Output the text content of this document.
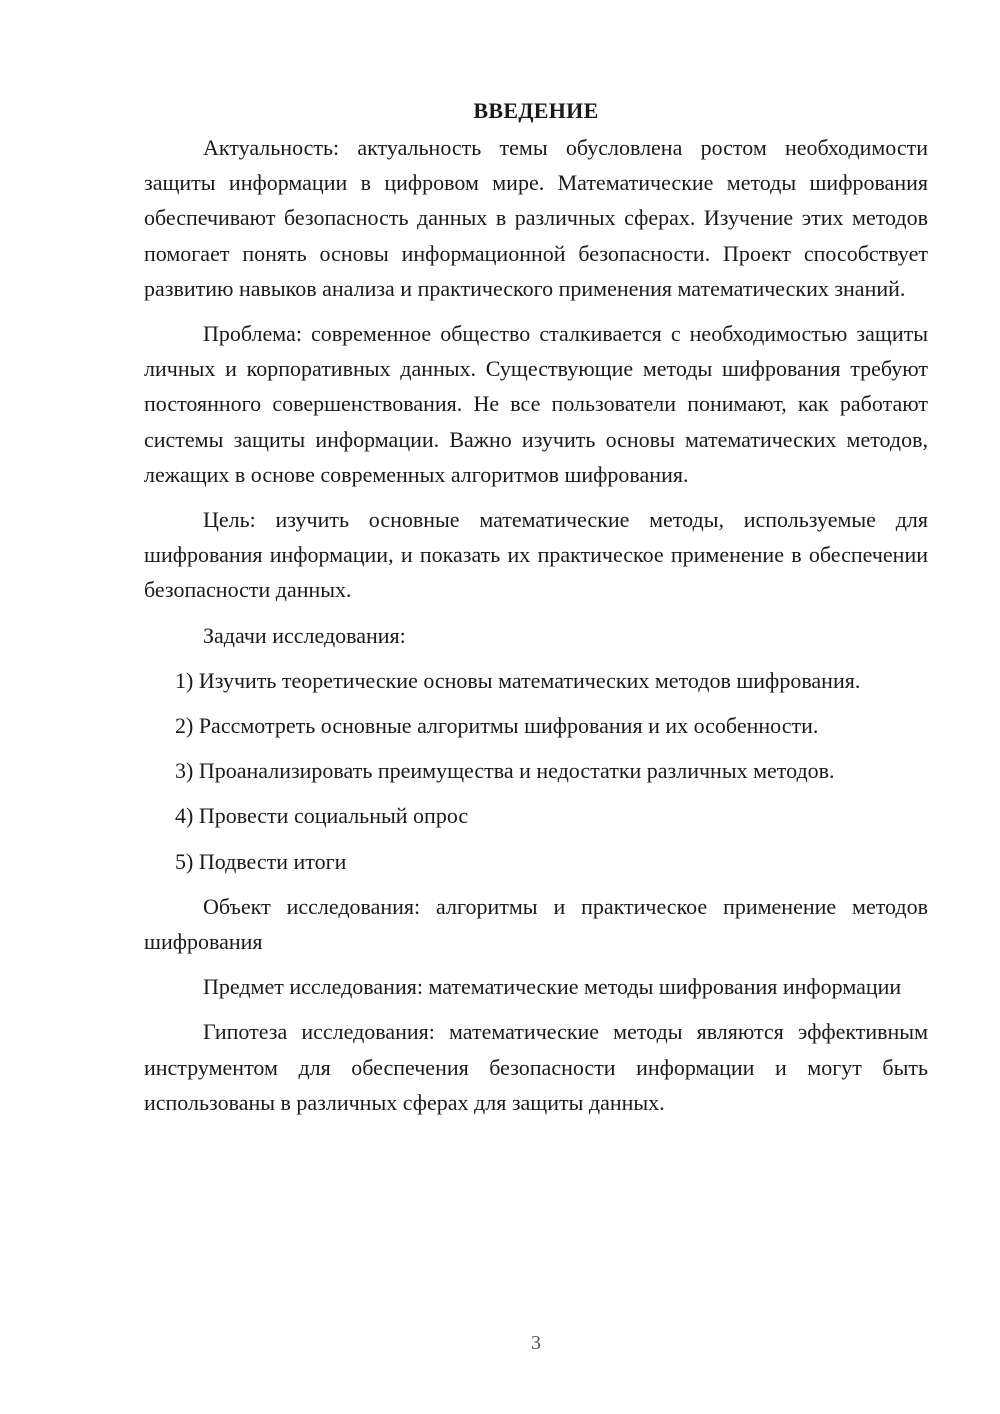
ВВЕДЕНИЕ

Актуальность: актуальность темы обусловлена ростом необходимости защиты информации в цифровом мире. Математические методы шифрования обеспечивают безопасность данных в различных сферах. Изучение этих методов помогает понять основы информационной безопасности. Проект способствует развитию навыков анализа и практического применения математических знаний.

Проблема: современное общество сталкивается с необходимостью защиты личных и корпоративных данных. Существующие методы шифрования требуют постоянного совершенствования. Не все пользователи понимают, как работают системы защиты информации. Важно изучить основы математических методов, лежащих в основе современных алгоритмов шифрования.

Цель: изучить основные математические методы, используемые для шифрования информации, и показать их практическое применение в обеспечении безопасности данных.

Задачи исследования:

1) Изучить теоретические основы математических методов шифрования.

2) Рассмотреть основные алгоритмы шифрования и их особенности.

3) Проанализировать преимущества и недостатки различных методов.

4) Провести социальный опрос

5) Подвести итоги

Объект исследования: алгоритмы и практическое применение методов шифрования

Предмет исследования: математические методы шифрования информации

Гипотеза исследования: математические методы являются эффективным инструментом для обеспечения безопасности информации и могут быть использованы в различных сферах для защиты данных.

3
